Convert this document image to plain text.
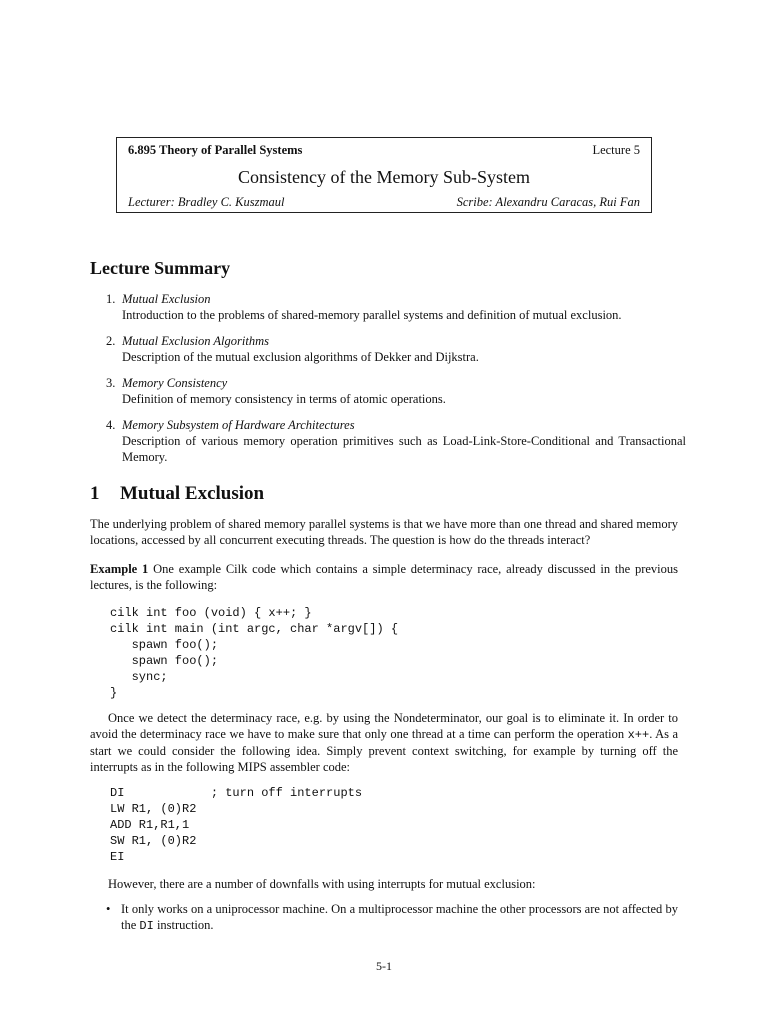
6.895 Theory of Parallel Systems	Lecture 5
Consistency of the Memory Sub-System
Lecturer: Bradley C. Kuszmaul	Scribe: Alexandru Caracas, Rui Fan
Lecture Summary
1. Mutual Exclusion
Introduction to the problems of shared-memory parallel systems and definition of mutual exclusion.
2. Mutual Exclusion Algorithms
Description of the mutual exclusion algorithms of Dekker and Dijkstra.
3. Memory Consistency
Definition of memory consistency in terms of atomic operations.
4. Memory Subsystem of Hardware Architectures
Description of various memory operation primitives such as Load-Link-Store-Conditional and Transactional Memory.
1 Mutual Exclusion

The underlying problem of shared memory parallel systems is that we have more than one thread and shared memory locations, accessed by all concurrent executing threads. The question is how do the threads interact?

Example 1 One example Cilk code which contains a simple determinacy race, already discussed in the previous lectures, is the following:

cilk int foo (void) { x++; }
cilk int main (int argc, char *argv[]) {
spawn foo();
spawn foo();
sync;
}

Once we detect the determinacy race, e.g. by using the Nondeterminator, our goal is to eliminate it. In order to avoid the determinacy race we have to make sure that only one thread at a time can perform the operation x++. As a start we could consider the following idea. Simply prevent context switching, for example by turning off the interrupts as in the following MIPS assembler code:

DI            ; turn off interrupts
LW R1, (0)R2
ADD R1,R1,1
SW R1, (0)R2
EI

However, there are a number of downfalls with using interrupts for mutual exclusion:

• It only works on a uniprocessor machine. On a multiprocessor machine the other processors are not affected by the DI instruction.
5-1
